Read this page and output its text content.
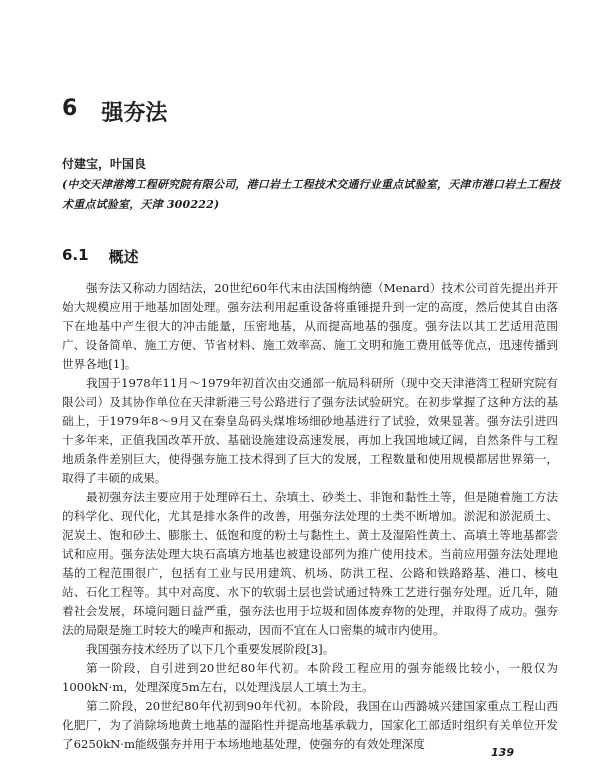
6 强夯法
付建宝，叶国良
(中交天津港湾工程研究院有限公司，港口岩土工程技术交通行业重点试验室，天津市港口岩土工程技术重点试验室，天津 300222)
6.1 概述

强夯法又称动力固结法，20世纪60年代末由法国梅纳德（Menard）技术公司首先提出并开始大规模应用于地基加固处理。强夯法利用起重设备将重锤提升到一定的高度，然后使其自由落下在地基中产生很大的冲击能量，压密地基，从而提高地基的强度。强夯法以其工艺适用范围广、设备简单、施工方便、节省材料、施工效率高、施工文明和施工费用低等优点，迅速传播到世界各地[1]。

我国于1978年11月～1979年初首次由交通部一航局科研所（现中交天津港湾工程研究院有限公司）及其协作单位在天津新港三号公路进行了强夯法试验研究。在初步掌握了这种方法的基础上，于1979年8～9月又在秦皇岛码头煤堆场细砂地基进行了试验，效果显著。强夯法引进四十多年来，正值我国改革开放、基础设施建设高速发展，再加上我国地域辽阔，自然条件与工程地质条件差别巨大，使得强夯施工技术得到了巨大的发展，工程数量和使用规模都居世界第一，取得了丰硕的成果。

最初强夯法主要应用于处理碎石土、杂填土、砂类土、非饱和黏性土等，但是随着施工方法的科学化、现代化，尤其是排水条件的改善，用强夯法处理的土类不断增加。淤泥和淤泥质土、泥炭土、饱和砂土、膨胀土、低饱和度的粉土与黏性土、黄土及湿陷性黄土、高填土等地基都尝试和应用。强夯法处理大块石高填方地基也被建设部列为推广使用技术。当前应用强夯法处理地基的工程范围很广，包括有工业与民用建筑、机场、防洪工程、公路和铁路路基、港口、核电站、石化工程等。其中对高度、水下的软弱土层也尝试通过特殊工艺进行强夯处理。近几年，随着社会发展，环境问题日益严重，强夯法也用于垃圾和固体废弃物的处理，并取得了成功。强夯法的局限是施工时较大的噪声和振动，因而不宜在人口密集的城市内使用。

我国强夯技术经历了以下几个重要发展阶段[3]。

第一阶段，自引进到20世纪80年代初。本阶段工程应用的强夯能级比较小，一般仅为1000kN·m，处理深度5m左右，以处理浅层人工填土为主。

第二阶段，20世纪80年代初到90年代初。本阶段，我国在山西潞城兴建国家重点工程山西化肥厂，为了消除场地黄土地基的湿陷性并提高地基承载力，国家化工部适时组织有关单位开发了6250kN·m能级强夯并用于本场地地基处理，使强夯的有效处理深度

139
